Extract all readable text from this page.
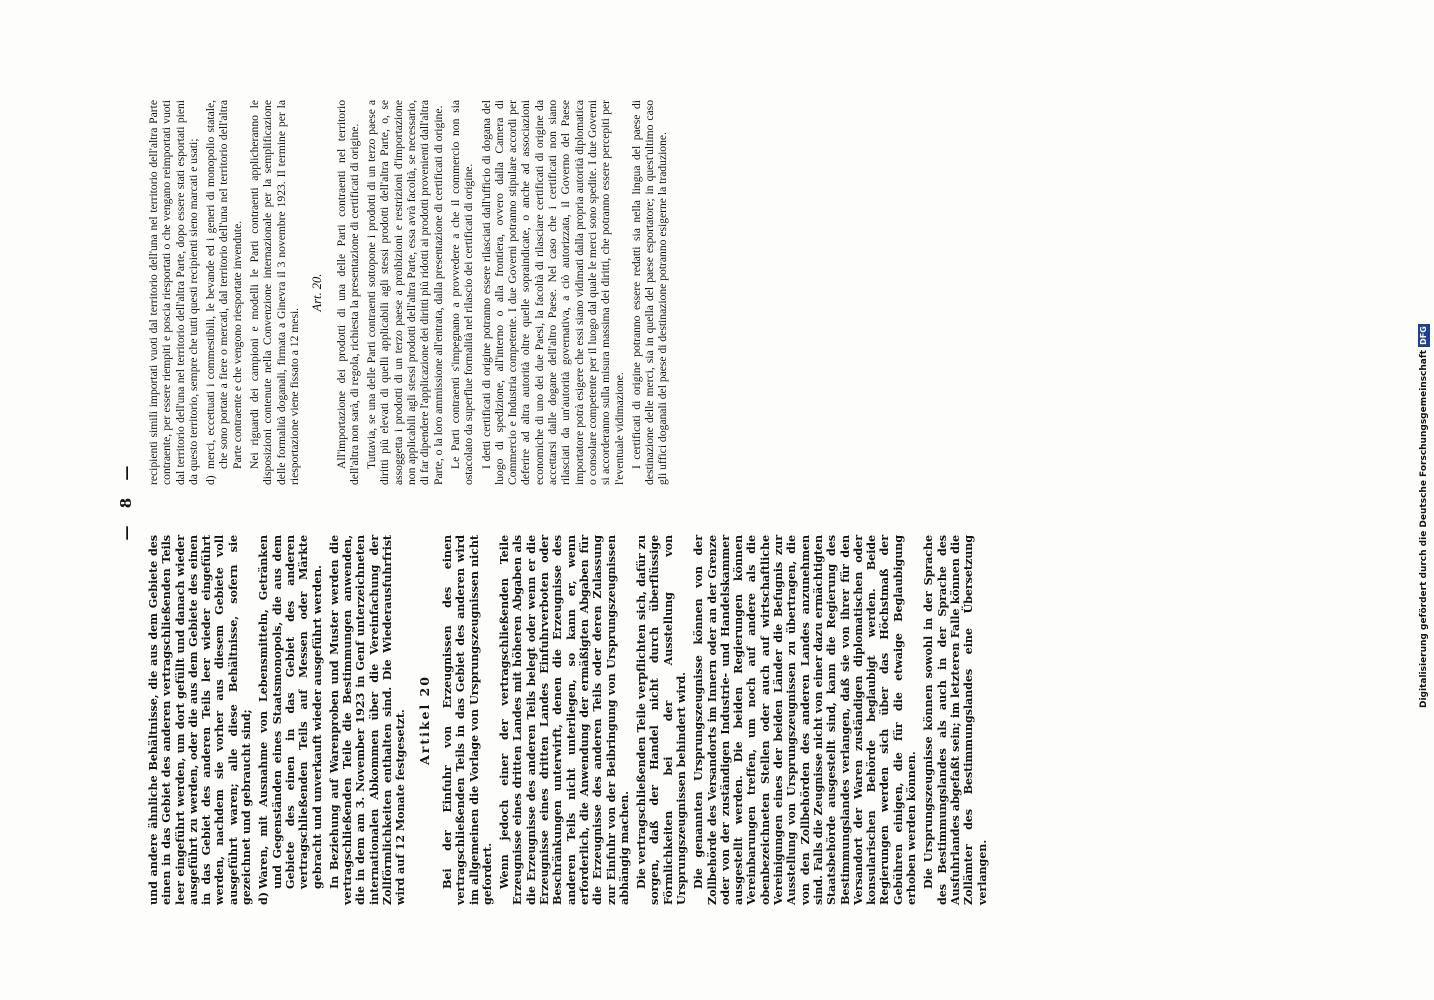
— 8 —

und andere ähnliche Behältnisse, die aus dem Gebiete des einen in das Gebiet des anderen vertragschließenden Teils leer eingeführt werden, um dort gefüllt und danach wieder ausgeführt zu werden, oder die aus dem Gebiete des einen in das Gebiet des anderen Teils leer wieder eingeführt werden, nachdem sie vorher aus diesem Gebiete voll ausgeführt waren; alle diese Behältnisse, sofern sie gezeichnet und gebraucht sind; d)
Waren, mit Ausnahme von Lebensmitteln, Getränken und Gegenständen eines Staatsmonopols, die aus dem Gebiete des einen in das Gebiet des anderen vertragschließenden Teils auf Messen oder Märkte gebracht und unverkauft wieder ausgeführt werden. In Beziehung auf Warenproben und Muster werden die vertragschließenden Teile die Bestimmungen anwenden, die in dem am 3. November 1923 in Genf unterzeichneten internationalen Abkommen über die Vereinfachung der Zollförmlichkeiten enthalten sind. Die Wiederausfuhrfrist wird auf 12 Monate festgesetzt. Artikel 20 Bei der Einfuhr von Erzeugnissen des einen vertragschließenden Teils in das Gebiet des anderen wird im allgemeinen die Vorlage von Ursprungszeugnissen nicht gefordert. Wenn jedoch einer der vertragschließenden Teile Erzeugnisse eines dritten Landes mit höheren Abgaben als die Erzeugnisse des anderen Teils belegt oder wenn er die Erzeugnisse eines dritten Landes Einfuhrverboten oder Beschränkungen unterwirft, denen die Erzeugnisse des anderen Teils nicht unterliegen, so kann er, wenn erforderlich, die Anwendung der ermäßigten Abgaben für die Erzeugnisse des anderen Teils oder deren Zulassung zur Einfuhr von der Beibringung von Ursprungszeugnissen abhängig machen. Die vertragschließenden Teile verpflichten sich, dafür zu sorgen, daß der Handel nicht durch überflüssige Förmlichkeiten bei der Ausstellung von Ursprungszeugnissen behindert wird. Die genannten Ursprungszeugnisse können von der Zollbehörde des Versandorts im Innern oder an der Grenze oder von der zuständigen Industrie- und Handelskammer ausgestellt werden. Die beiden Regierungen können Vereinbarungen treffen, um noch auf andere als die obenbezeichneten Stellen oder auch auf wirtschaftliche Vereinigungen eines der beiden Länder die Befugnis zur Ausstellung von Ursprungszeugnissen zu übertragen, die von den Zollbehörden des anderen Landes anzunehmen sind. Falls die Zeugnisse nicht von einer dazu ermächtigten Staatsbehörde ausgestellt sind, kann die Regierung des Bestimmungslandes verlangen, daß sie von ihrer für den Versandort der Waren zuständigen diplomatischen oder konsularischen Behörde beglaubigt werden. Beide Regierungen werden sich über das Höchstmaß der Gebühren einigen, die für die etwaige Beglaubigung erhoben werden können. Die Ursprungszeugnisse können sowohl in der Sprache des Bestimmungslandes als auch in der Sprache des Ausfuhrlandes abgefaßt sein; im letzteren Falle können die Zollämter des Bestimmungslandes eine Übersetzung verlangen.

recipienti simili importati vuoti dal territorio dell'una nel territorio dell'altra Parte contraente, per essere riempiti e poscia riesportati o che vengano reimportati vuoti dal territorio dell'una nel territorio dell'altra Parte, dopo essere stati esportati pieni da questo territorio, sempre che tutti questi recipienti sieno marcati e usati; d)
merci, eccettuati i commestibili, le bevande ed i generi di monopolio statale, che sono portate a fiere o mercati, dal territorio dell'una nel territorio dell'altra Parte contraente e che vengono riesportate invendute. Nei riguardi dei campioni e modelli le Parti contraenti applicheranno le disposizioni contenute nella Convenzione internazionale per la semplificazione delle formalità doganali, firmata a Ginevra il 3 novembre 1923. Il termine per la riesportazione viene fissato a 12 mesi.

Art. 20. All'importazione dei prodotti di una delle Parti contraenti nel territorio dell'altra non sarà, di regola, richiesta la presentazione di certificati di origine. Tuttavia, se una delle Parti contraenti sottopone i prodotti di un terzo paese a diritti più elevati di quelli applicabili agli stessi prodotti dell'altra Parte, o, se assoggetta i prodotti di un terzo paese a proibizioni e restrizioni d'importazione non applicabili agli stessi prodotti dell'altra Parte, essa avrà facoltà, se necessario, di far dipendere l'applicazione dei diritti più ridotti ai prodotti provenienti dall'altra Parte, o la loro ammissione all'entrata, dalla presentazione di certificati di origine. Le Parti contraenti s'impegnano a provvedere a che il commercio non sia ostacolato da superflue formalità nel rilascio dei certificati di origine. I detti certificati di origine potranno essere rilasciati dall'ufficio di dogana del luogo di spedizione, all'interno o alla frontiera, ovvero dalla Camera di Commercio e Industria competente. I due Governi potranno stipulare accordi per deferire ad altra autorità oltre quelle sopraindicate, o anche ad associazioni economiche di uno dei due Paesi, la facoltà di rilasciare certificati di origine da accettarsi dalle dogane dell'altro Paese. Nel caso che i certificati non siano rilasciati da un'autorità governativa, a ciò autorizzata, il Governo del Paese importatore potrà esigere che essi siano vidimati dalla propria autorità diplomatica o consolare competente per il luogo dal quale le merci sono spedite. I due Governi si accorderanno sulla misura massima dei diritti, che potranno essere percepiti per l'eventuale vidimazione. I certificati di origine potranno essere redatti sia nella lingua del paese di destinazione delle merci, sia in quella del paese esportatore; in quest'ultimo caso gli uffici doganali del paese di destinazione potranno esigerne la traduzione.

Digitalisierung gefördert durch die Deutsche ForschungsgemeinschaftDFG
